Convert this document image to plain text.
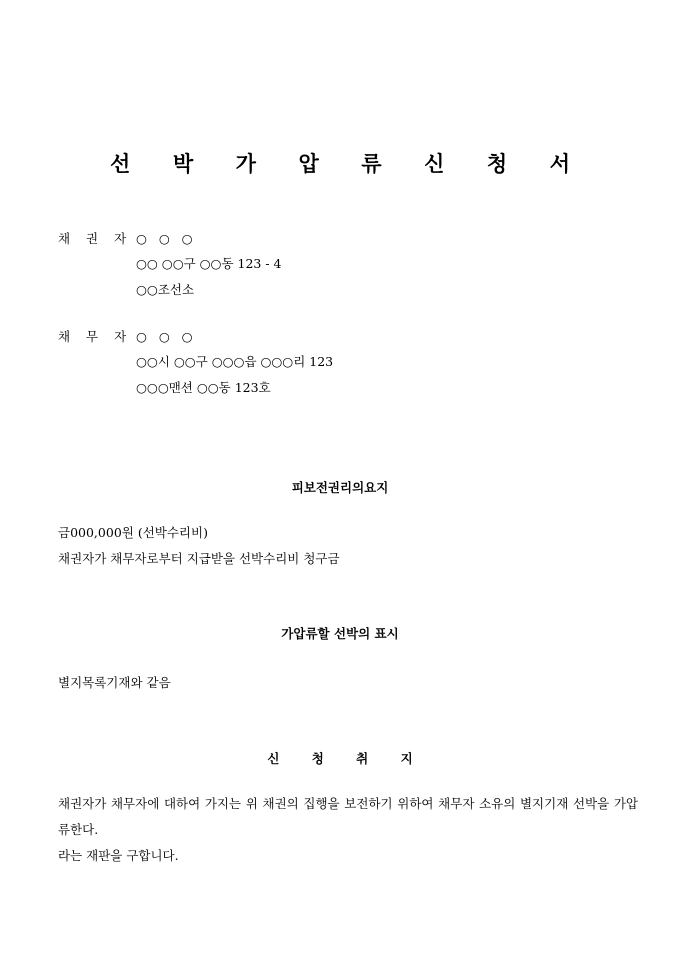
선 박 가 압 류 신 청 서
채 권 자 ○   ○   ○
○○ ○○구 ○○동 123 - 4
○○조선소
채 무 자 ○   ○   ○
○○시 ○○구 ○○○읍 ○○○리 123
○○○맨션 ○○동 123호
피보전권리의요지
금000,000원 (선박수리비)
채권자가 채무자로부터 지급받을 선박수리비 청구금
가압류할 선박의 표시
별지목록기재와 같음
신 청 취 지
채권자가 채무자에 대하여 가지는 위 채권의 집행을 보전하기 위하여 채무자 소유의 별지기재 선박을 가압류한다.
라는 재판을 구합니다.
